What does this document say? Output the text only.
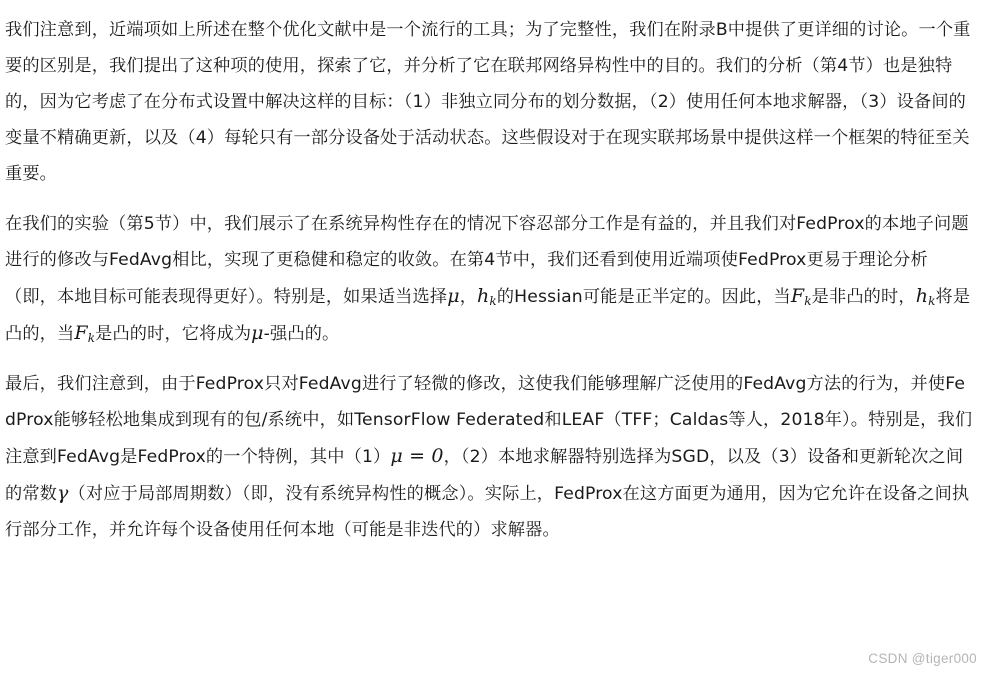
我们注意到，近端项如上所述在整个优化文献中是一个流行的工具；为了完整性，我们在附录B中提供了更详细的讨论。一个重要的区别是，我们提出了这种项的使用，探索了它，并分析了它在联邦网络异构性中的目的。我们的分析（第4节）也是独特的，因为它考虑了在分布式设置中解决这样的目标：（1）非独立同分布的划分数据，（2）使用任何本地求解器，（3）设备间的变量不精确更新，以及（4）每轮只有一部分设备处于活动状态。这些假设对于在现实联邦场景中提供这样一个框架的特征至关重要。

在我们的实验（第5节）中，我们展示了在系统异构性存在的情况下容忍部分工作是有益的，并且我们对FedProx的本地子问题进行的修改与FedAvg相比，实现了更稳健和稳定的收敛。在第4节中，我们还看到使用近端项使FedProx更易于理论分析（即，本地目标可能表现得更好）。特别是，如果适当选择μ，$h_k$的Hessian可能是正半定的。因此，当$F_k$是非凸的时，$h_k$将是凸的，当$F_k$是凸的时，它将成为μ-强凸的。

最后，我们注意到，由于FedProx只对FedAvg进行了轻微的修改，这使我们能够理解广泛使用的FedAvg方法的行为，并使FedProx能够轻松地集成到现有的包/系统中，如TensorFlow Federated和LEAF（TFF；Caldas等人，2018年）。特别是，我们注意到FedAvg是FedProx的一个特例，其中（1）μ = 0，（2）本地求解器特别选择为SGD，以及（3）设备和更新轮次之间的常数γ（对应于局部周期数）（即，没有系统异构性的概念）。实际上，FedProx在这方面更为通用，因为它允许在设备之间执行部分工作，并允许每个设备使用任何本地（可能是非迭代的）求解器。

CSDN @tiger000
